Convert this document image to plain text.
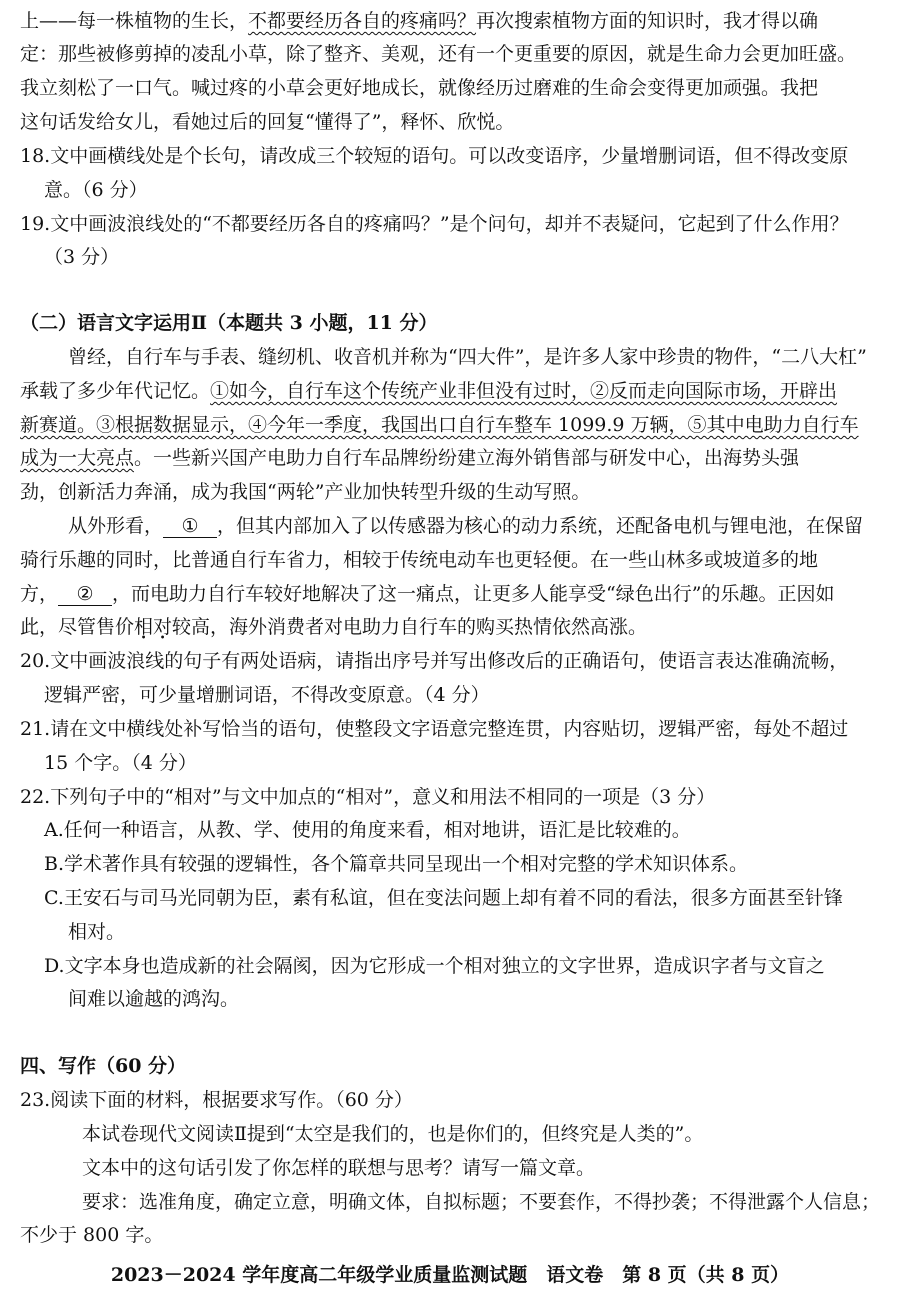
上——每一株植物的生长，不都要经历各自的疼痛吗？再次搜索植物方面的知识时，我才得以确
定：那些被修剪掉的凌乱小草，除了整齐、美观，还有一个更重要的原因，就是生命力会更加旺盛。
我立刻松了一口气。喊过疼的小草会更好地成长，就像经历过磨难的生命会变得更加顽强。我把
这句话发给女儿，看她过后的回复“懂得了”，释怀、欣悦。
18.文中画横线处是个长句，请改成三个较短的语句。可以改变语序，少量增删词语，但不得改变原
意。（6 分）
19.文中画波浪线处的“不都要经历各自的疼痛吗？”是个问句，却并不表疑问，它起到了什么作用？
（3 分）
（二）语言文字运用Ⅱ（本题共 3 小题，11 分）
曾经，自行车与手表、缝纫机、收音机并称为“四大件”，是许多人家中珍贵的物件，“二八大杠”
承载了多少年代记忆。①如今，自行车这个传统产业非但没有过时，②反而走向国际市场，开辟出
新赛道。③根据数据显示，④今年一季度，我国出口自行车整车 1099.9 万辆，⑤其中电助力自行车
成为一大亮点。一些新兴国产电助力自行车品牌纷纷建立海外销售部与研发中心，出海势头强
劲，创新活力奔涌，成为我国“两轮”产业加快转型升级的生动写照。
从外形看， ① ，但其内部加入了以传感器为核心的动力系统，还配备电机与锂电池，在保留
骑行乐趣的同时，比普通自行车省力，相较于传统电动车也更轻便。在一些山林多或坡道多的地
方， ② ，而电助力自行车较好地解决了这一痛点，让更多人能享受“绿色出行”的乐趣。正因如
此，尽管售价相对较高，海外消费者对电助力自行车的购买热情依然高涨。
20.文中画波浪线的句子有两处语病，请指出序号并写出修改后的正确语句，使语言表达准确流畅，
逻辑严密，可少量增删词语，不得改变原意。（4 分）
21.请在文中横线处补写恰当的语句，使整段文字语意完整连贯，内容贴切，逻辑严密，每处不超过
15 个字。（4 分）
22.下列句子中的“相对”与文中加点的“相对”，意义和用法不相同的一项是（3 分）
A.任何一种语言，从教、学、使用的角度来看，相对地讲，语汇是比较难的。
B.学术著作具有较强的逻辑性，各个篇章共同呈现出一个相对完整的学术知识体系。
C.王安石与司马光同朝为臣，素有私谊，但在变法问题上却有着不同的看法，很多方面甚至针锋
相对。
D.文字本身也造成新的社会隔阂，因为它形成一个相对独立的文字世界，造成识字者与文盲之
间难以逾越的鸿沟。
四、写作（60 分）
23.阅读下面的材料，根据要求写作。（60 分）
本试卷现代文阅读Ⅱ提到“太空是我们的，也是你们的，但终究是人类的”。
文本中的这句话引发了你怎样的联想与思考？请写一篇文章。
要求：选准角度，确定立意，明确文体，自拟标题；不要套作，不得抄袭；不得泄露个人信息；
不少于 800 字。
2023－2024 学年度高二年级学业质量监测试题　语文卷　第 8 页（共 8 页）
